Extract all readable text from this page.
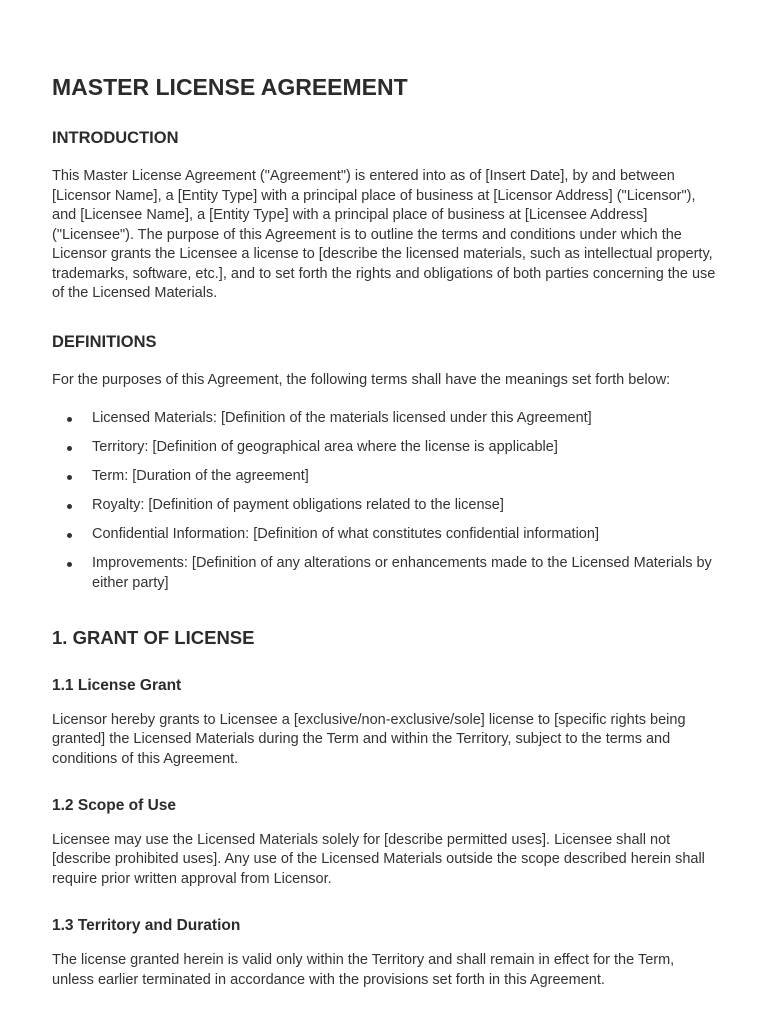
MASTER LICENSE AGREEMENT
INTRODUCTION

This Master License Agreement ("Agreement") is entered into as of [Insert Date], by and between [Licensor Name], a [Entity Type] with a principal place of business at [Licensor Address] ("Licensor"), and [Licensee Name], a [Entity Type] with a principal place of business at [Licensee Address] ("Licensee"). The purpose of this Agreement is to outline the terms and conditions under which the Licensor grants the Licensee a license to [describe the licensed materials, such as intellectual property, trademarks, software, etc.], and to set forth the rights and obligations of both parties concerning the use of the Licensed Materials.

DEFINITIONS

For the purposes of this Agreement, the following terms shall have the meanings set forth below:

Licensed Materials: [Definition of the materials licensed under this Agreement]
Territory: [Definition of geographical area where the license is applicable]
Term: [Duration of the agreement]
Royalty: [Definition of payment obligations related to the license]
Confidential Information: [Definition of what constitutes confidential information]
Improvements: [Definition of any alterations or enhancements made to the Licensed Materials by either party]
1. GRANT OF LICENSE
1.1 License Grant

Licensor hereby grants to Licensee a [exclusive/non-exclusive/sole] license to [specific rights being granted] the Licensed Materials during the Term and within the Territory, subject to the terms and conditions of this Agreement.

1.2 Scope of Use

Licensee may use the Licensed Materials solely for [describe permitted uses]. Licensee shall not [describe prohibited uses]. Any use of the Licensed Materials outside the scope described herein shall require prior written approval from Licensor.

1.3 Territory and Duration

The license granted herein is valid only within the Territory and shall remain in effect for the Term, unless earlier terminated in accordance with the provisions set forth in this Agreement.
